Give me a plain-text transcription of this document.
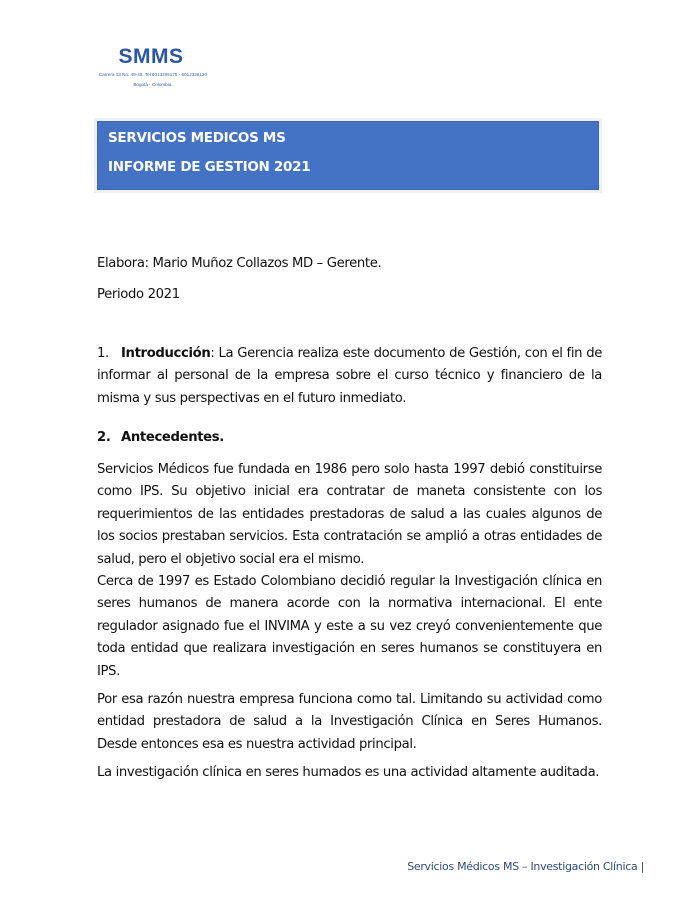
SMMS
Carrera 13 No. 49-40. Tel 6013205175 - 6012326120
Bogotá - Colombia.
SERVICIOS MEDICOS MS
INFORME DE GESTION 2021
Elabora: Mario Muñoz Collazos MD – Gerente.
Periodo 2021
1. Introducción: La Gerencia realiza este documento de Gestión, con el fin de informar al personal de la empresa sobre el curso técnico y financiero de la misma y sus perspectivas en el futuro inmediato.
2. Antecedentes.
Servicios Médicos fue fundada en 1986 pero solo hasta 1997 debió constituirse como IPS. Su objetivo inicial era contratar de maneta consistente con los requerimientos de las entidades prestadoras de salud a las cuales algunos de los socios prestaban servicios. Esta contratación se amplió a otras entidades de salud, pero el objetivo social era el mismo.
Cerca de 1997 es Estado Colombiano decidió regular la Investigación clínica en seres humanos de manera acorde con la normativa internacional. El ente regulador asignado fue el INVIMA y este a su vez creyó convenientemente que toda entidad que realizara investigación en seres humanos se constituyera en IPS.
Por esa razón nuestra empresa funciona como tal. Limitando su actividad como entidad prestadora de salud a la Investigación Clínica en Seres Humanos. Desde entonces esa es nuestra actividad principal.
La investigación clínica en seres humados es una actividad altamente auditada.
Servicios Médicos MS – Investigación Clínica |
